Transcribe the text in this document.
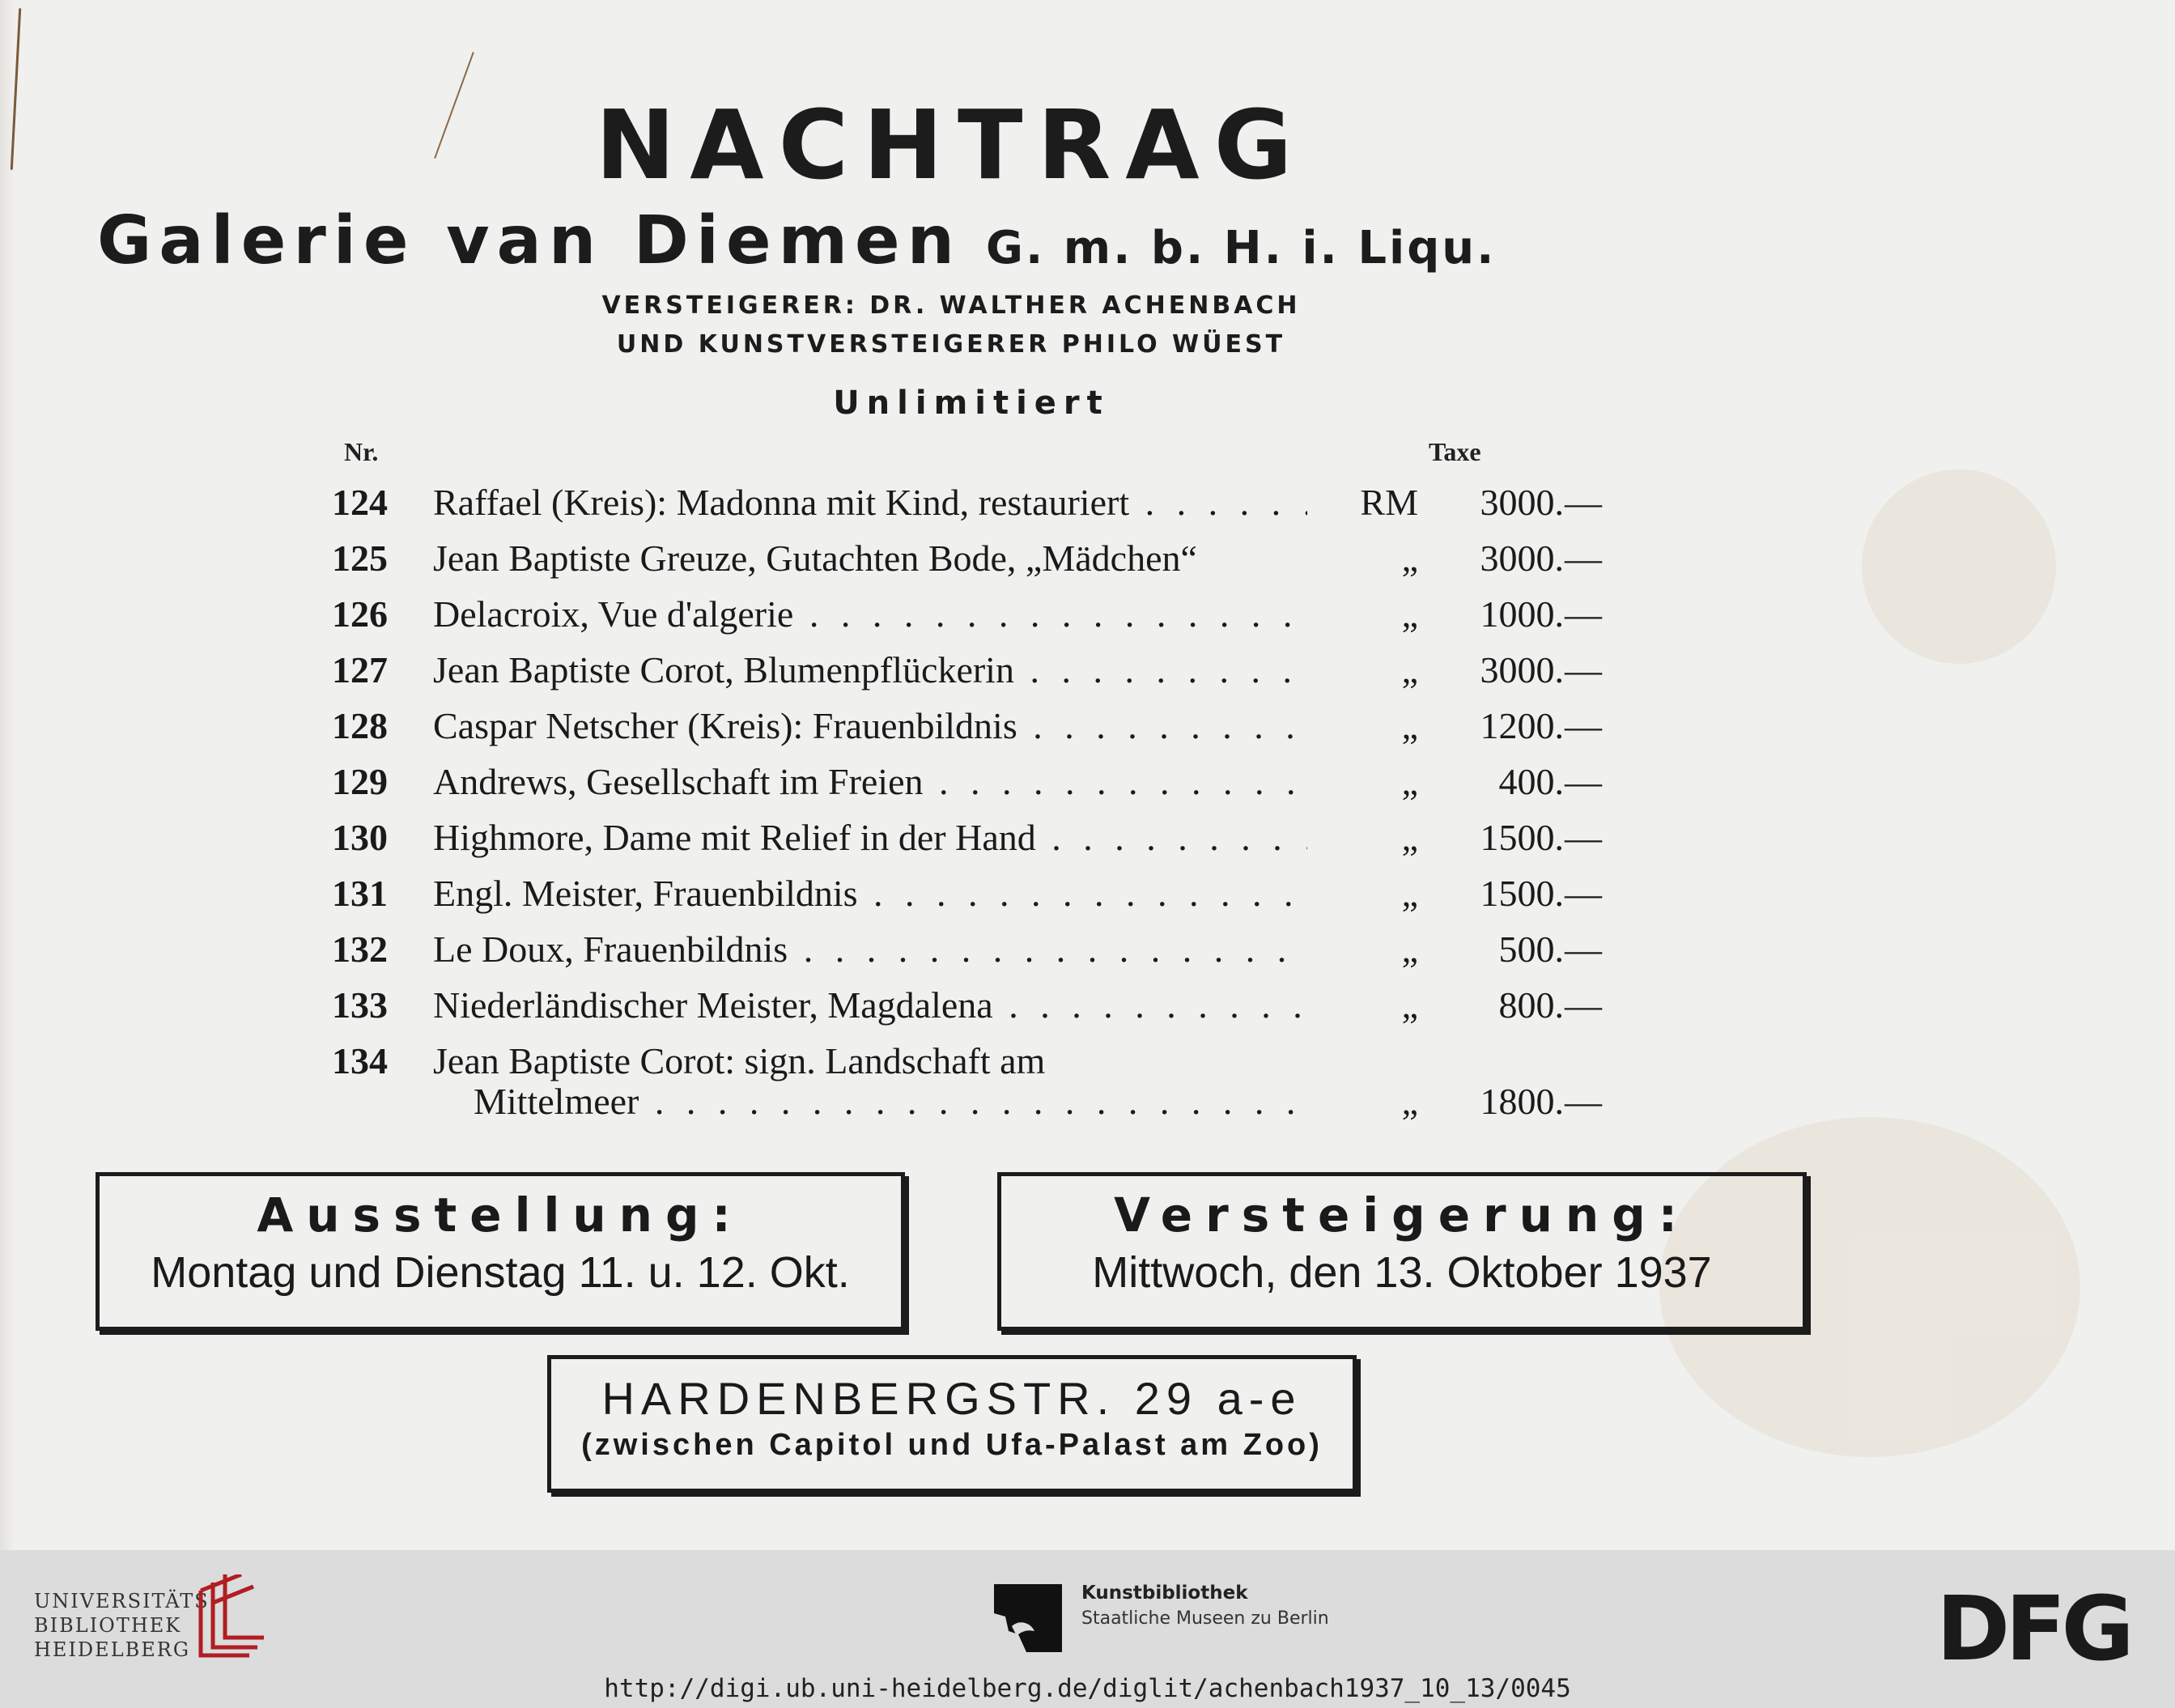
NACHTRAG
Galerie van Diemen G. m. b. H. i. Liqu.
VERSTEIGERER: DR. WALTHER ACHENBACH
UND KUNSTVERSTEIGERER PHILO WÜEST
Unlimitiert
Nr.	Taxe
124 Raffael (Kreis): Madonna mit Kind, restauriert . . .	RM 3000. —
125 Jean Baptiste Greuze, Gutachten Bode, „Mädchen“	„ 3000. —
126 Delacroix, Vue d'algerie . . .	„ 1000. —
127 Jean Baptiste Corot, Blumenpflückerin . . .	„ 3000. —
128 Caspar Netscher (Kreis): Frauenbildnis . . .	„ 1200. —
129 Andrews, Gesellschaft im Freien . . .	„ 400. —
130 Highmore, Dame mit Relief in der Hand . . .	„ 1500. —
131 Engl. Meister, Frauenbildnis . . .	„ 1500. —
132 Le Doux, Frauenbildnis . . .	„ 500. —
133 Niederländischer Meister, Magdalena . . .	„ 800. —
134 Jean Baptiste Corot: sign. Landschaft am
Mittelmeer . . .	„ 1800. —
Ausstellung:
Montag und Dienstag 11. u. 12. Okt.
Versteigerung:
Mittwoch, den 13. Oktober 1937
HARDENBERGSTR. 29 a-e
(zwischen Capitol und Ufa-Palast am Zoo)
UNIVERSITÄTS-
BIBLIOTHEK
HEIDELBERG
Kunstbibliothek
Staatliche Museen zu Berlin	DFG
http://digi.ub.uni-heidelberg.de/diglit/achenbach1937_10_13/0045
